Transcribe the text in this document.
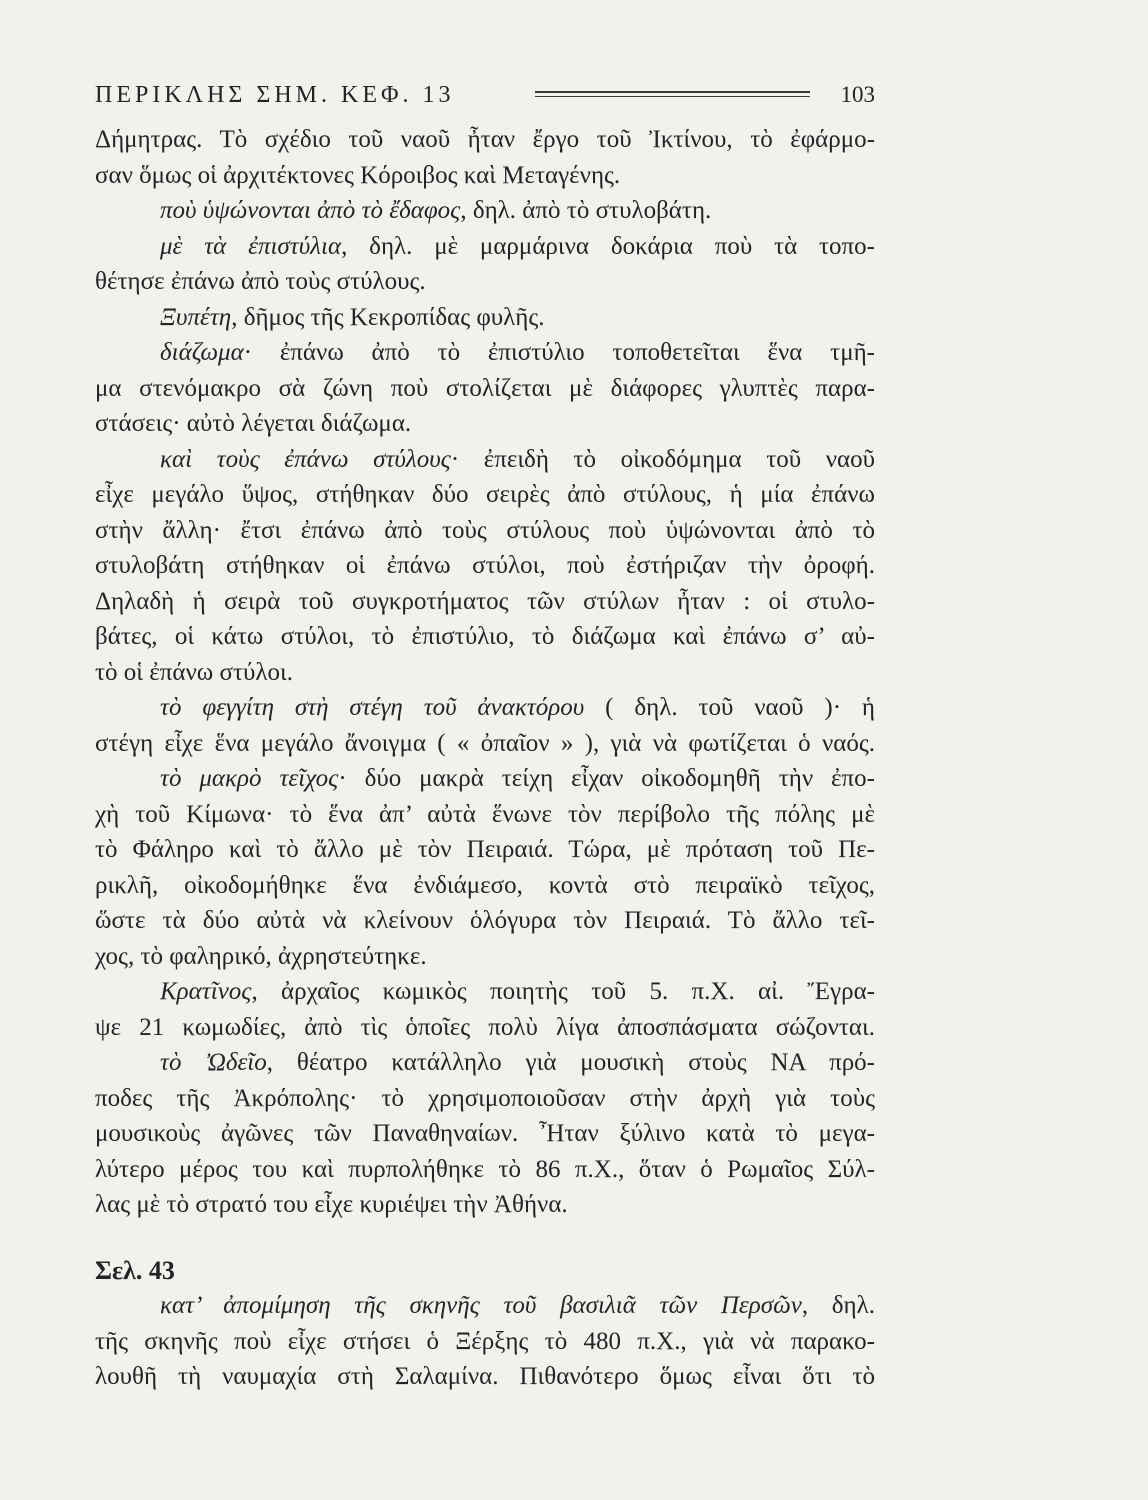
ΠΕΡΙΚΛΗΣ ΣΗΜ. ΚΕΦ. 13	103
Δήμητρας. Τὸ σχέδιο τοῦ ναοῦ ἦταν ἔργο τοῦ Ἰκτίνου, τὸ ἐφάρμο-
σαν ὅμως οἱ ἀρχιτέκτονες Κόροιβος καὶ Μεταγένης.
ποὺ ὑψώνονται ἀπὸ τὸ ἔδαφος, δηλ. ἀπὸ τὸ στυλοβάτη.
μὲ τὰ ἐπιστύλια, δηλ. μὲ μαρμάρινα δοκάρια ποὺ τὰ τοπο-
θέτησε ἐπάνω ἀπὸ τοὺς στύλους.
Ξυπέτη, δῆμος τῆς Κεκροπίδας φυλῆς.
διάζωμα· ἐπάνω ἀπὸ τὸ ἐπιστύλιο τοποθετεῖται ἕνα τμῆ-
μα στενόμακρο σὰ ζώνη ποὺ στολίζεται μὲ διάφορες γλυπτὲς παρα-
στάσεις· αὐτὸ λέγεται διάζωμα.
καὶ τοὺς ἐπάνω στύλους· ἐπειδὴ τὸ οἰκοδόμημα τοῦ ναοῦ
εἶχε μεγάλο ὕψος, στήθηκαν δύο σειρὲς ἀπὸ στύλους, ἡ μία ἐπάνω
στὴν ἄλλη· ἔτσι ἐπάνω ἀπὸ τοὺς στύλους ποὺ ὑψώνονται ἀπὸ τὸ
στυλοβάτη στήθηκαν οἱ ἐπάνω στύλοι, ποὺ ἐστήριζαν τὴν ὀροφή.
Δηλαδὴ ἡ σειρὰ τοῦ συγκροτήματος τῶν στύλων ἦταν : οἱ στυλο-
βάτες, οἱ κάτω στύλοι, τὸ ἐπιστύλιο, τὸ διάζωμα καὶ ἐπάνω σ’ αὐ-
τὸ οἱ ἐπάνω στύλοι.
τὸ φεγγίτη στὴ στέγη τοῦ ἀνακτόρου ( δηλ. τοῦ ναοῦ )· ἡ
στέγη εἶχε ἕνα μεγάλο ἄνοιγμα ( « ὀπαῖον » ), γιὰ νὰ φωτίζεται ὁ ναός.
τὸ μακρὸ τεῖχος· δύο μακρὰ τείχη εἶχαν οἰκοδομηθῆ τὴν ἐπο-
χὴ τοῦ Κίμωνα· τὸ ἕνα ἀπ’ αὐτὰ ἕνωνε τὸν περίβολο τῆς πόλης μὲ
τὸ Φάληρο καὶ τὸ ἄλλο μὲ τὸν Πειραιά. Τώρα, μὲ πρόταση τοῦ Πε-
ρικλῆ, οἰκοδομήθηκε ἕνα ἐνδιάμεσο, κοντὰ στὸ πειραϊκὸ τεῖχος,
ὥστε τὰ δύο αὐτὰ νὰ κλείνουν ὁλόγυρα τὸν Πειραιά. Τὸ ἄλλο τεῖ-
χος, τὸ φαληρικό, ἀχρηστεύτηκε.
Κρατῖνος, ἀρχαῖος κωμικὸς ποιητὴς τοῦ 5. π.Χ. αἰ. Ἔγρα-
ψε 21 κωμωδίες, ἀπὸ τὶς ὁποῖες πολὺ λίγα ἀποσπάσματα σώζονται.
τὸ Ὠδεῖο, θέατρο κατάλληλο γιὰ μουσικὴ στοὺς ΝΑ πρό-
ποδες τῆς Ἀκρόπολης· τὸ χρησιμοποιοῦσαν στὴν ἀρχὴ γιὰ τοὺς
μουσικοὺς ἀγῶνες τῶν Παναθηναίων. Ἦταν ξύλινο κατὰ τὸ μεγα-
λύτερο μέρος του καὶ πυρπολήθηκε τὸ 86 π.Χ., ὅταν ὁ Ρωμαῖος Σύλ-
λας μὲ τὸ στρατό του εἶχε κυριέψει τὴν Ἀθήνα.
Σελ. 43
κατ’ ἀπομίμηση τῆς σκηνῆς τοῦ βασιλιᾶ τῶν Περσῶν, δηλ.
τῆς σκηνῆς ποὺ εἶχε στήσει ὁ Ξέρξης τὸ 480 π.Χ., γιὰ νὰ παρακο-
λουθῆ τὴ ναυμαχία στὴ Σαλαμίνα. Πιθανότερο ὅμως εἶναι ὅτι τὸ
